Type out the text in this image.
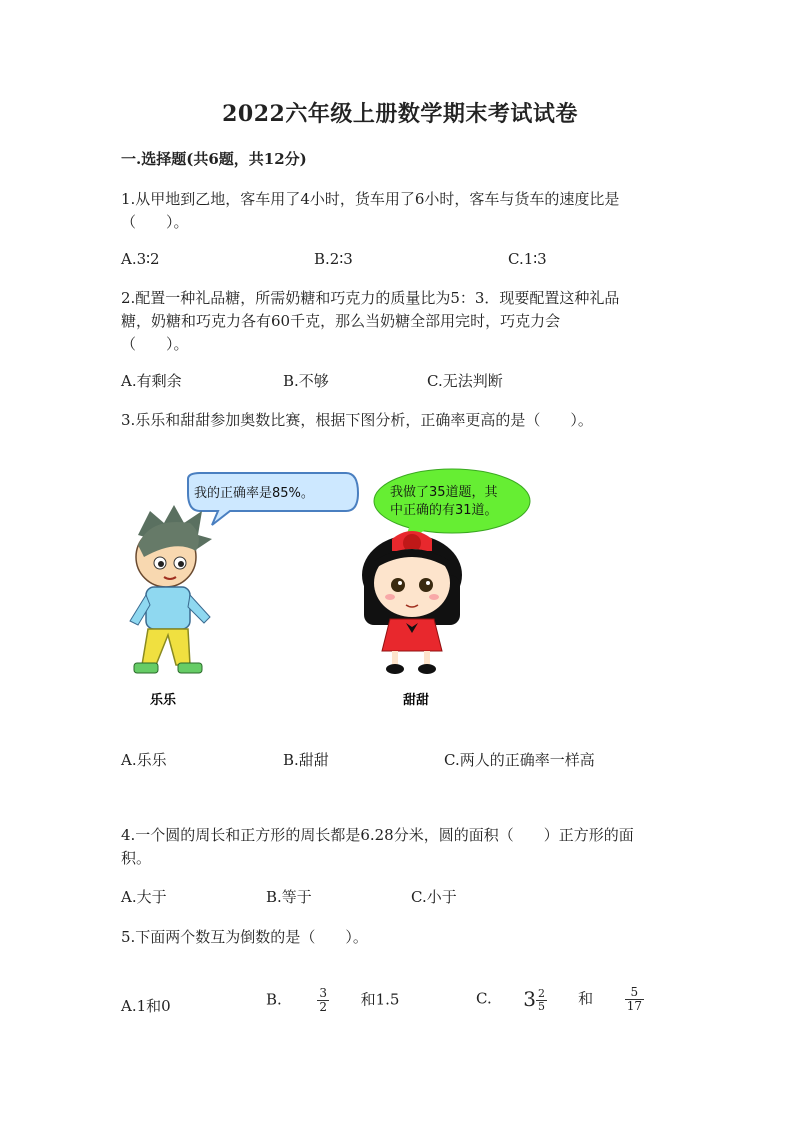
2022六年级上册数学期末考试试卷
一.选择题(共6题，共12分)
1.从甲地到乙地，客车用了4小时，货车用了6小时，客车与货车的速度比是
（　　）。
A.3∶2	B.2∶3	C.1∶3
2.配置一种礼品糖，所需奶糖和巧克力的质量比为5：3．现要配置这种礼品
糖，奶糖和巧克力各有60千克，那么当奶糖全部用完时，巧克力会
（　　）。
A.有剩余	B.不够	C.无法判断
3.乐乐和甜甜参加奥数比赛，根据下图分析，正确率更高的是（　　）。
我的正确率是85%。	我做了35道题，其
中正确的有31道。
乐乐	甜甜
A.乐乐	B.甜甜	C.两人的正确率一样高
4.一个圆的周长和正方形的周长都是6.28分米，圆的面积（　　）正方形的面
积。
A.大于	B.等于	C.小于
5.下面两个数互为倒数的是（　　）。
A.1和0	B.	$\frac{3}{2}$ 和1.5	C. $3 \frac{2}{5}$ 和	$\frac{5}{17}$
